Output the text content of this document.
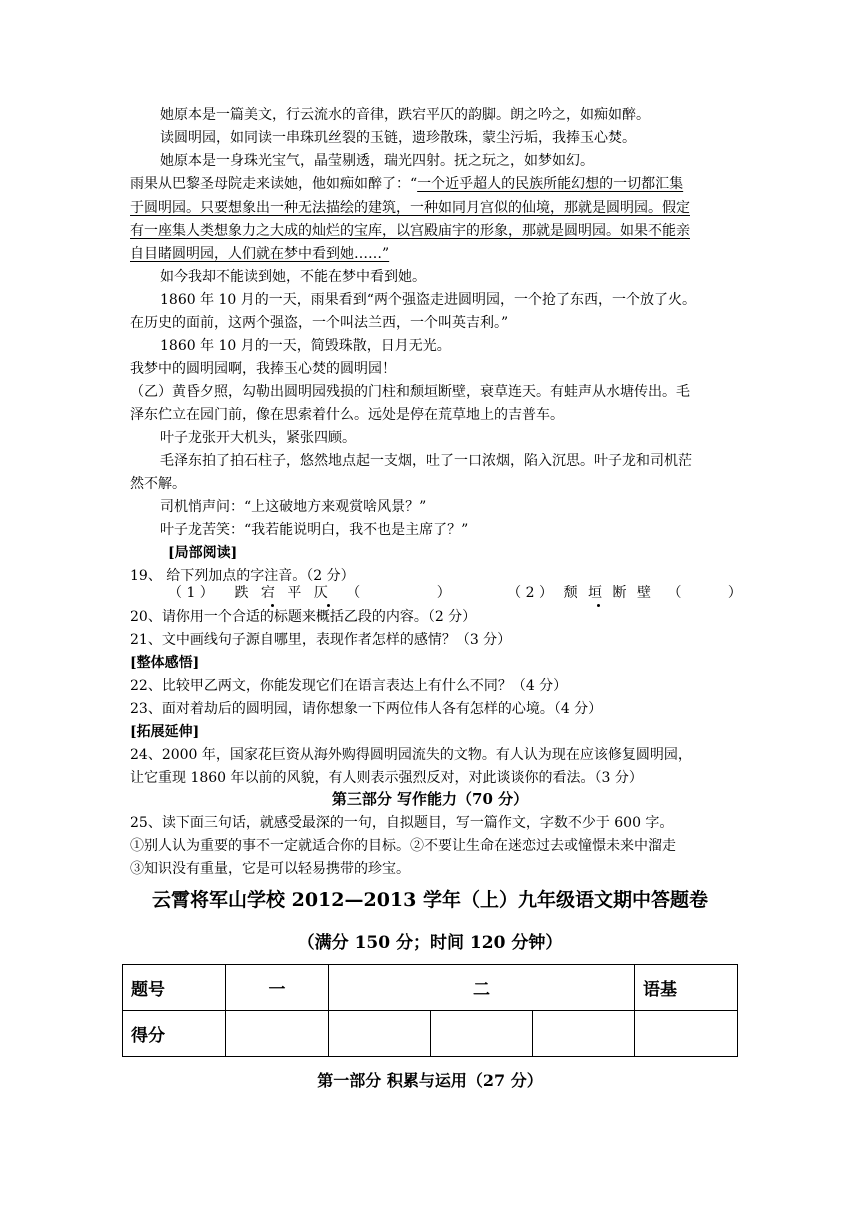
她原本是一篇美文，行云流水的音律，跌宕平仄的韵脚。朗之吟之，如痴如醉。
读圆明园，如同读一串珠玑丝裂的玉链，遗珍散珠，蒙尘污垢，我捧玉心焚。
她原本是一身珠光宝气，晶莹剔透，瑞光四射。抚之玩之，如梦如幻。
雨果从巴黎圣母院走来读她，他如痴如醉了：“一个近乎超人的民族所能幻想的一切都汇集
于圆明园。只要想象出一种无法描绘的建筑，一种如同月宫似的仙境，那就是圆明园。假定
有一座集人类想象力之大成的灿烂的宝库，以宫殿庙宇的形象，那就是圆明园。如果不能亲
自目睹圆明园，人们就在梦中看到她……”
如今我却不能读到她，不能在梦中看到她。
1860 年 10 月的一天，雨果看到“两个强盗走进圆明园，一个抢了东西，一个放了火。
在历史的面前，这两个强盗，一个叫法兰西，一个叫英吉利。”
1860 年 10 月的一天，简毁珠散，日月无光。
我梦中的圆明园啊，我捧玉心焚的圆明园！
（乙）黄昏夕照，勾勒出圆明园残损的门柱和颓垣断壁，衰草连天。有蛙声从水塘传出。毛
泽东伫立在园门前，像在思索着什么。远处是停在荒草地上的吉普车。
叶子龙张开大机头，紧张四顾。
毛泽东拍了拍石柱子，悠然地点起一支烟，吐了一口浓烟，陷入沉思。叶子龙和司机茫
然不解。
司机悄声问：“上这破地方来观赏啥风景？”
叶子龙苦笑：“我若能说明白，我不也是主席了？”
[局部阅读]
19、 给下列加点的字注音。（2 分）
（ 1 ） 跌 宕 平 仄 （	）	（ 2 ） 颓 垣 断 壁 （	）
20、请你用一个合适的标题来概括乙段的内容。（2 分）
21、文中画线句子源自哪里，表现作者怎样的感情？（3 分）
[整体感悟]
22、比较甲乙两文，你能发现它们在语言表达上有什么不同？（4 分）
23、面对着劫后的圆明园，请你想象一下两位伟人各有怎样的心境。（4 分）
[拓展延伸]
24、2000 年，国家花巨资从海外购得圆明园流失的文物。有人认为现在应该修复圆明园，
让它重现 1860 年以前的风貌，有人则表示强烈反对，对此谈谈你的看法。（3 分）
第三部分 写作能力（70 分）
25、读下面三句话，就感受最深的一句，自拟题目，写一篇作文，字数不少于 600 字。
①别人认为重要的事不一定就适合你的目标。②不要让生命在迷恋过去或憧憬未来中溜走
③知识没有重量，它是可以轻易携带的珍宝。
云霄将军山学校 2012—2013 学年（上）九年级语文期中答题卷
（满分 150 分；时间 120 分钟）
题号	一	二			语基
得分					
第一部分 积累与运用（27 分）
